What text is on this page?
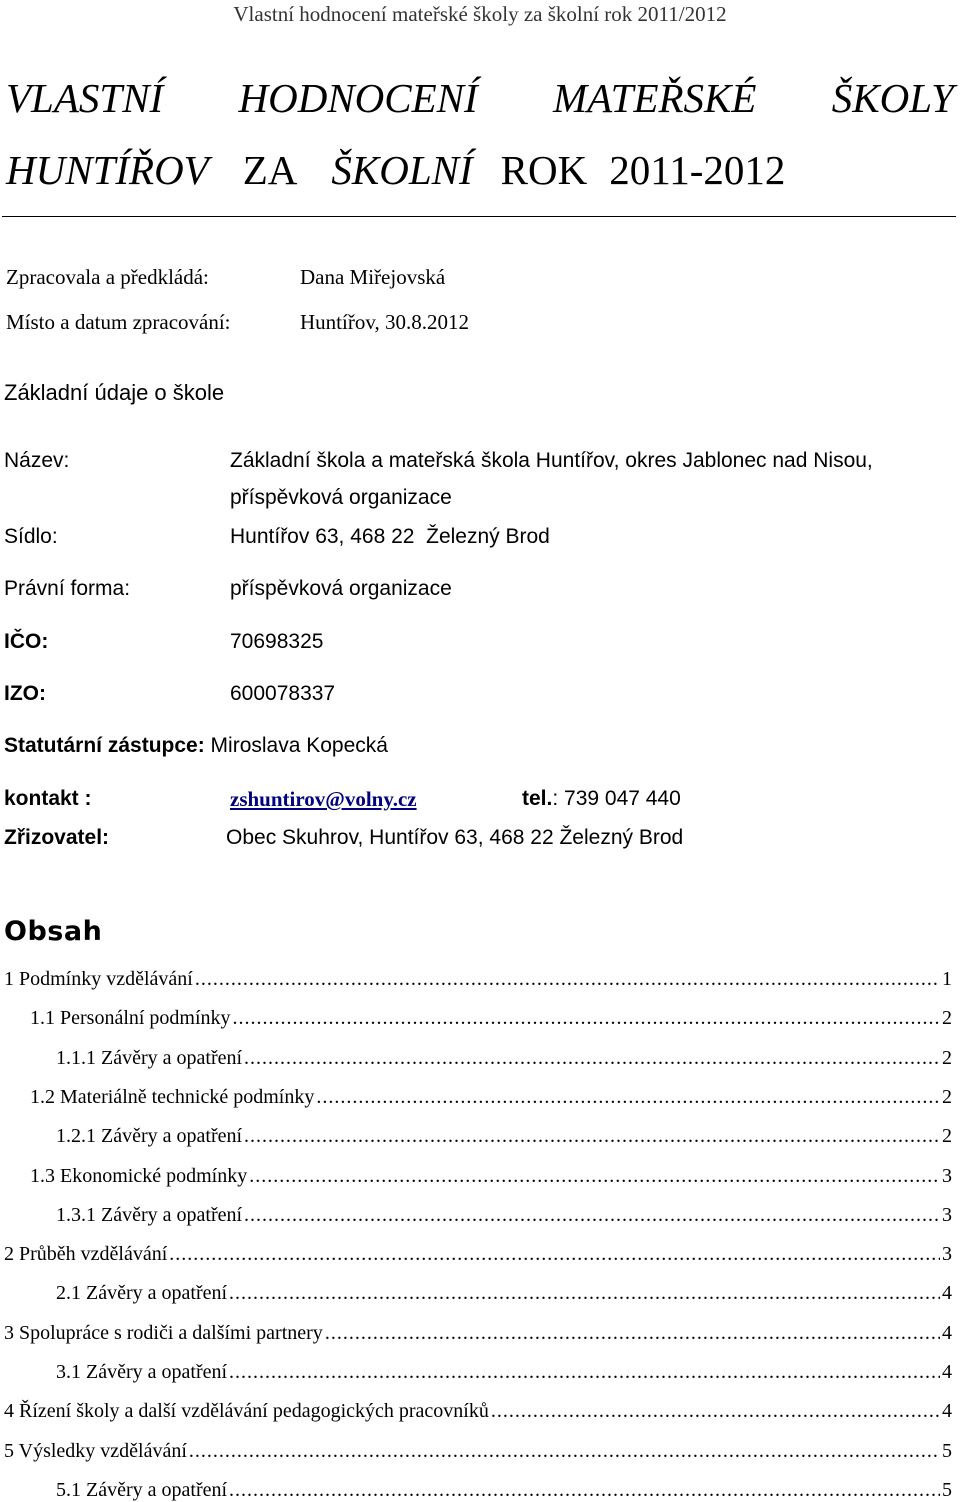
Vlastní hodnocení mateřské školy za školní rok 2011/2012
VLASTNÍ HODNOCENÍ MATEŘSKÉ ŠKOLY
HUNTÍŘOV ZA ŠKOLNÍ ROK 2011-2012
Zpracovala a předkládá:	Dana Miřejovská
Místo a datum zpracování:	Huntířov, 30.8.2012
Základní údaje o škole
Název:	Základní škola a mateřská škola Huntířov, okres Jablonec nad Nisou,
příspěvková organizace
Sídlo:	Huntířov 63, 468 22  Železný Brod
Právní forma:	příspěvková organizace
IČO:	70698325
IZO:	600078337
Statutární zástupce: Miroslava Kopecká
kontakt :	zshuntirov@volny.cz	tel.: 739 047 440
Zřizovatel:	Obec Skuhrov, Huntířov 63, 468 22 Železný Brod
Obsah
1 Podmínky vzdělávání .....	1
1.1 Personální podmínky .....	2
1.1.1 Závěry a opatření .....	2
1.2 Materiálně technické podmínky .....	2
1.2.1 Závěry a opatření .....	2
1.3 Ekonomické podmínky .....	3
1.3.1 Závěry a opatření .....	3
2 Průběh vzdělávání .....	3
2.1 Závěry a opatření .....	4
3 Spolupráce s rodiči a dalšími partnery .....	4
3.1 Závěry a opatření .....	4
4 Řízení školy a další vzdělávání pedagogických pracovníků .....	4
5 Výsledky vzdělávání .....	5
5.1 Závěry a opatření .....	5
